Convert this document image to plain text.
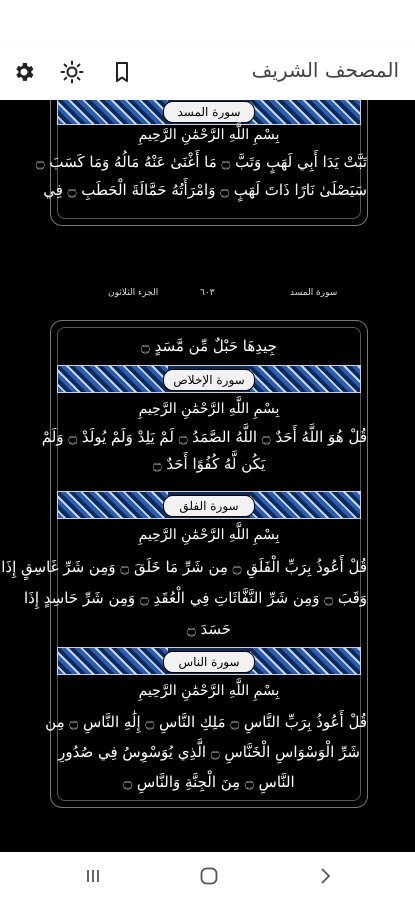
المصحف الشريف
سورة المسد
بِسْمِ اللَّهِ الرَّحْمَٰنِ الرَّحِيمِ
تَبَّتْ يَدَا أَبِي لَهَبٍ وَتَبَّ ۝ مَا أَغْنَىٰ عَنْهُ مَالُهُ وَمَا كَسَبَ ۝
سَيَصْلَىٰ نَارًا ذَاتَ لَهَبٍ ۝ وَامْرَأَتُهُ حَمَّالَةَ الْحَطَبِ ۝ فِي
الجزء الثلاثون	٦٠٣	سورة المسد
جِيدِهَا حَبْلٌ مِّن مَّسَدٍ ۝
سورة الإخلاص
بِسْمِ اللَّهِ الرَّحْمَٰنِ الرَّحِيمِ
قُلْ هُوَ اللَّهُ أَحَدٌ ۝ اللَّهُ الصَّمَدُ ۝ لَمْ يَلِدْ وَلَمْ يُولَدْ ۝ وَلَمْ
يَكُن لَّهُ كُفُوًا أَحَدٌ ۝
سورة الفلق
بِسْمِ اللَّهِ الرَّحْمَٰنِ الرَّحِيمِ
قُلْ أَعُوذُ بِرَبِّ الْفَلَقِ ۝ مِن شَرِّ مَا خَلَقَ ۝ وَمِن شَرِّ غَاسِقٍ إِذَا
وَقَبَ ۝ وَمِن شَرِّ النَّفَّاثَاتِ فِي الْعُقَدِ ۝ وَمِن شَرِّ حَاسِدٍ إِذَا
حَسَدَ ۝
سورة الناس
بِسْمِ اللَّهِ الرَّحْمَٰنِ الرَّحِيمِ
قُلْ أَعُوذُ بِرَبِّ النَّاسِ ۝ مَلِكِ النَّاسِ ۝ إِلَٰهِ النَّاسِ ۝ مِن
شَرِّ الْوَسْوَاسِ الْخَنَّاسِ ۝ الَّذِي يُوَسْوِسُ فِي صُدُورِ
النَّاسِ ۝ مِنَ الْجِنَّةِ وَالنَّاسِ ۝
